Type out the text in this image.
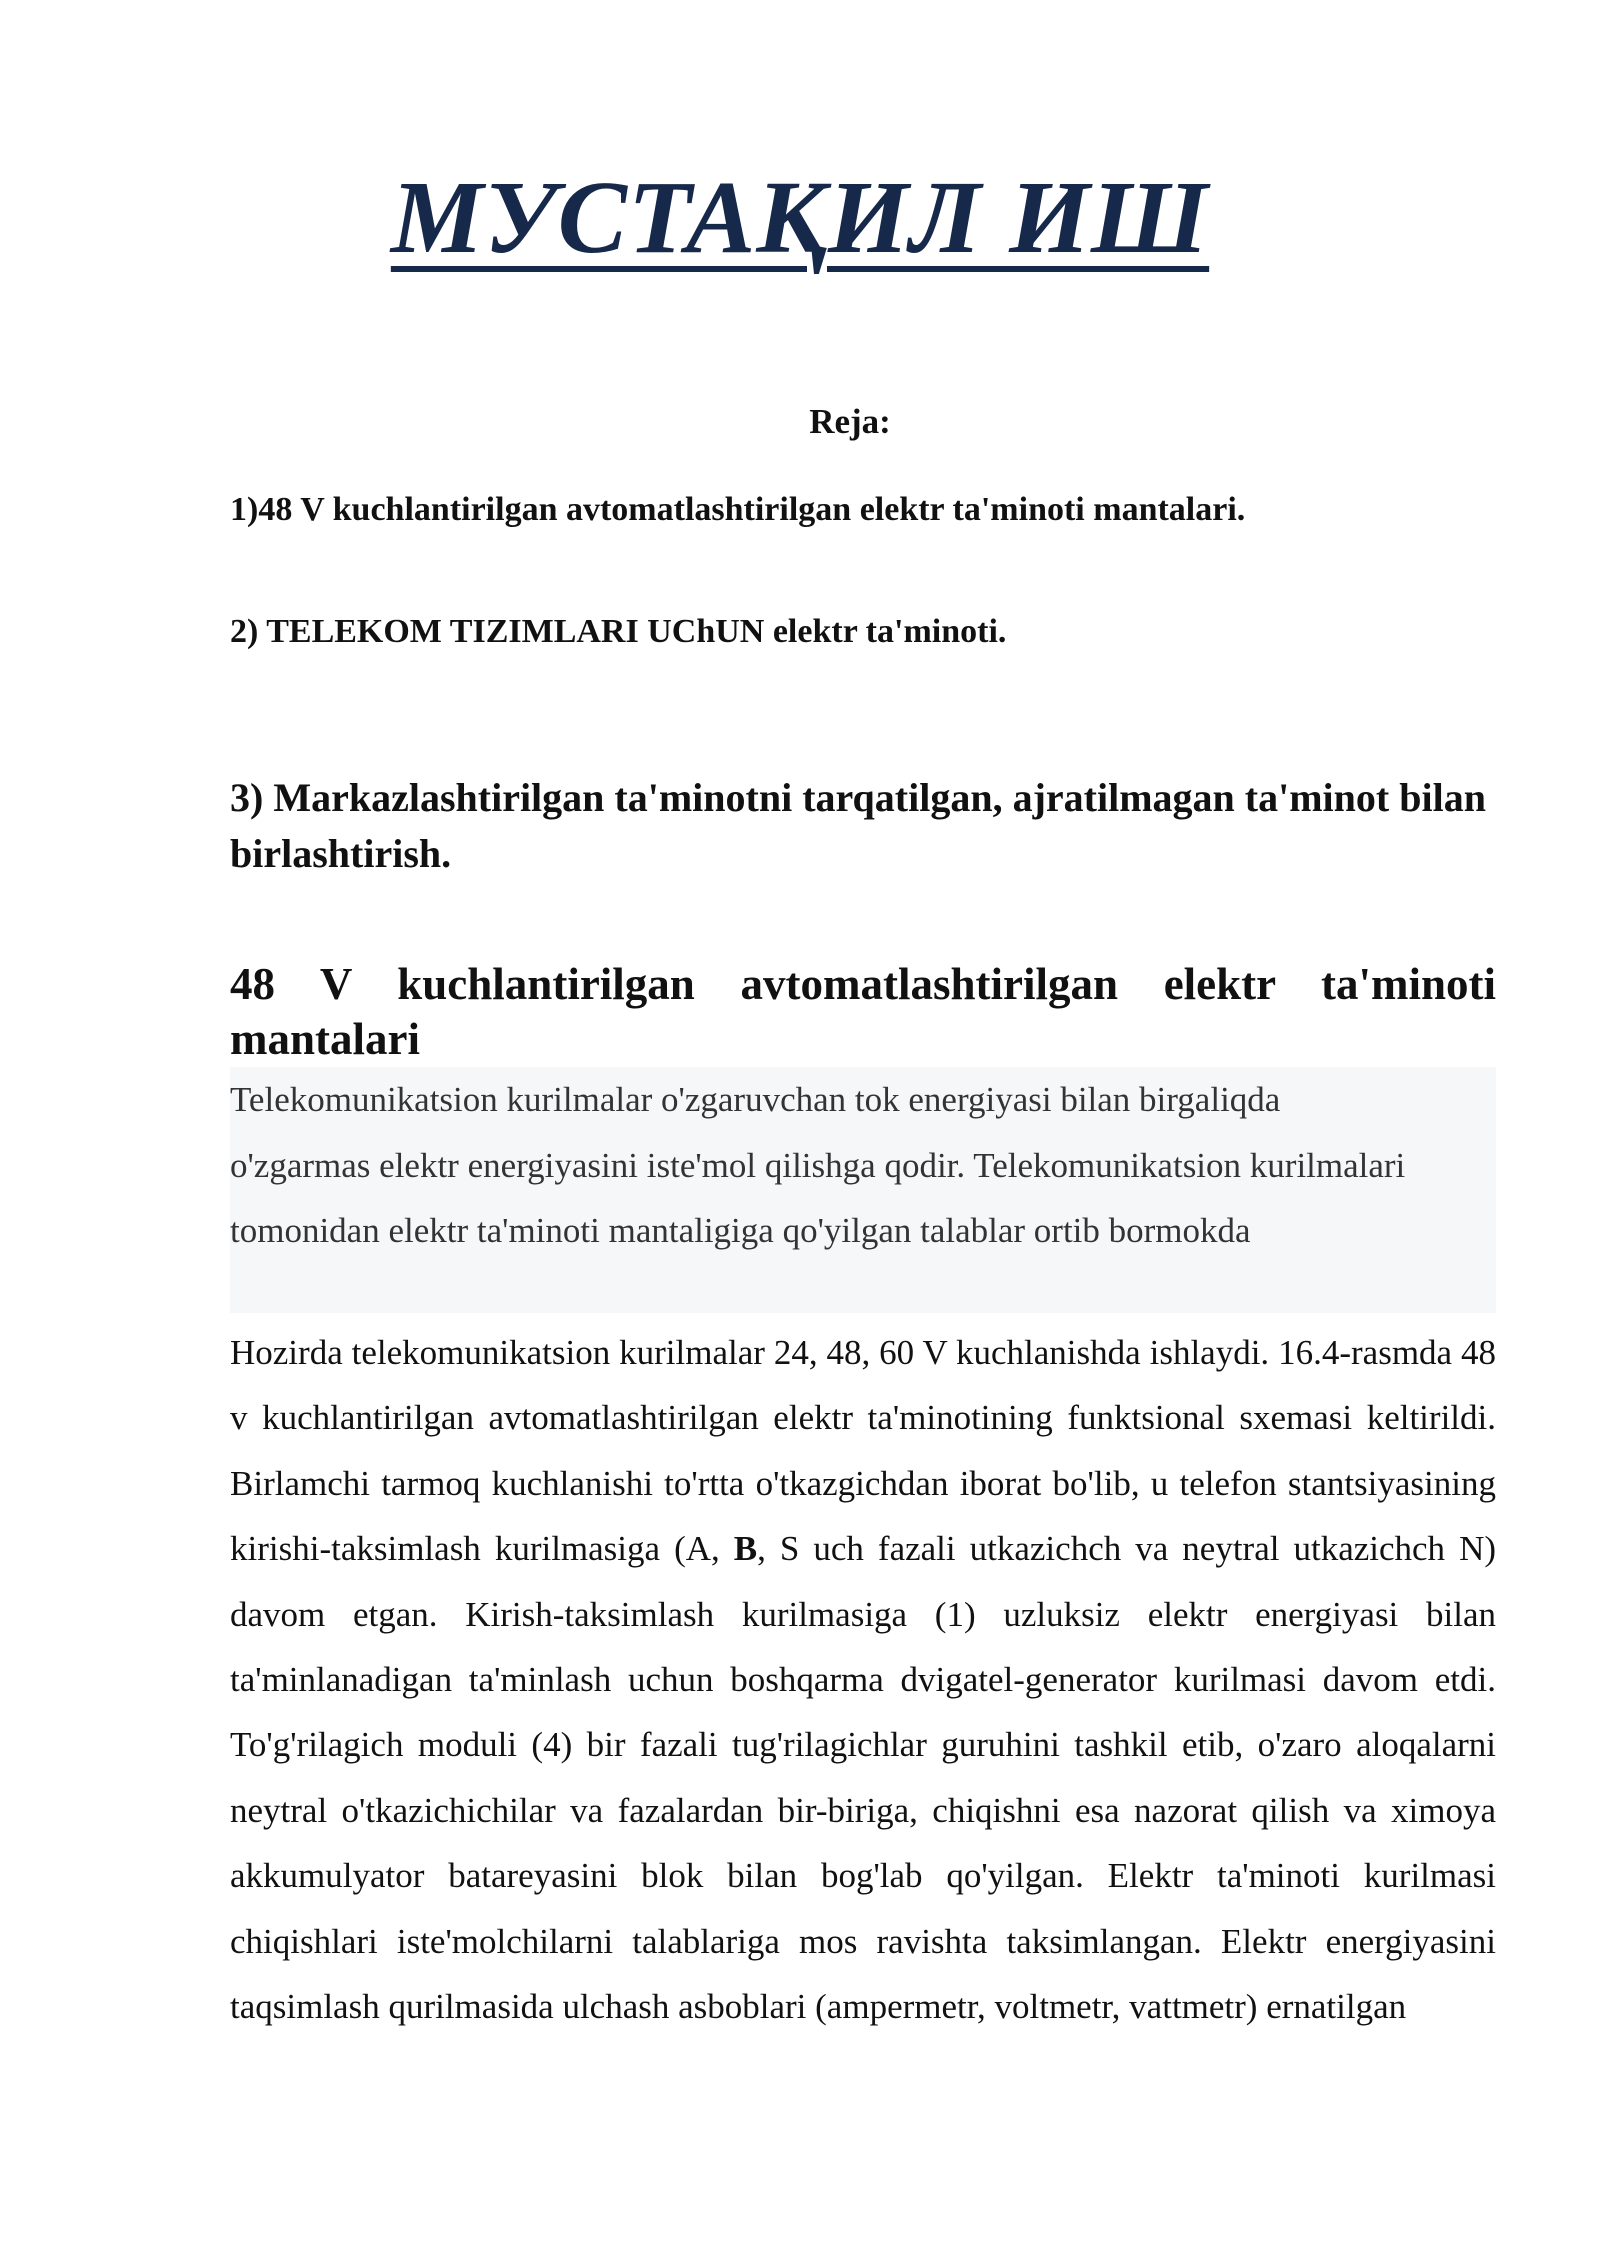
МУСТАҚИЛ ИШ

Reja:

1)48 V kuchlantirilgan avtomatlashtirilgan elektr ta'minoti mantalari.

2) TELEKOM TIZIMLARI UChUN elektr ta'minoti.

3) Markazlashtirilgan ta'minotni tarqatilgan, ajratilmagan ta'minot bilan birlashtirish.

48 V kuchlantirilgan avtomatlashtirilgan elektr ta'minoti
mantalari

Telekomunikatsion kurilmalar o'zgaruvchan tok energiyasi bilan birgaliqda o'zgarmas elektr energiyasini iste'mol qilishga qodir. Telekomunikatsion kurilmalari tomonidan elektr ta'minoti mantaligiga qo'yilgan talablar ortib bormokda

Hozirda telekomunikatsion kurilmalar 24, 48, 60 V kuchlanishda ishlaydi. 16.4-rasmda 48 v kuchlantirilgan avtomatlashtirilgan elektr ta'minotining funktsional sxemasi keltirildi. Birlamchi tarmoq kuchlanishi to'rtta o'tkazgichdan iborat bo'lib, u telefon stantsiyasining kirishi-taksimlash kurilmasiga (A, B, S uch fazali utkazichch va neytral utkazichch N) davom etgan. Kirish-taksimlash kurilmasiga (1) uzluksiz elektr energiyasi bilan ta'minlanadigan ta'minlash uchun boshqarma dvigatel-generator kurilmasi davom etdi. To'g'rilagich moduli (4) bir fazali tug'rilagichlar guruhini tashkil etib, o'zaro aloqalarni neytral o'tkazichichilar va fazalardan bir-biriga, chiqishni esa nazorat qilish va ximoya akkumulyator batareyasini blok bilan bog'lab qo'yilgan. Elektr ta'minoti kurilmasi chiqishlari iste'molchilarni talablariga mos ravishta taksimlangan. Elektr energiyasini taqsimlash qurilmasida ulchash asboblari (ampermetr, voltmetr, vattmetr) ernatilgan
